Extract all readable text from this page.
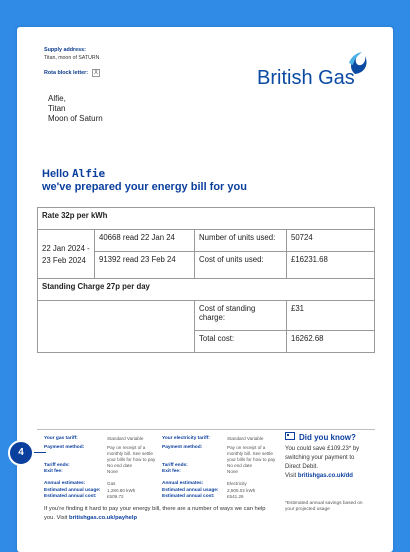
Supply address:
Titan, moon of SATURN
Rota block letter: X	British Gas
Alfie,
Titan
Moon of Saturn
Hello Alfie
we've prepared your energy bill for you
Rate 32p per kWh			

22 Jan 2024 -
23 Feb 2024	40668 read 22 Jan 24	Number of units used:	50724
	91392 read 23 Feb 24	Cost of units used:	£16231.68
Standing Charge 27p per day			
		Cost of standing charge:	£31
		Total cost:	16262.68
Your gas tariff:	Standard Variable
Payment method:	Pay on receipt of a
monthly bill. See settle
your bills for how to pay
Tariff ends:	No end date
Exit fee:	None
Annual estimates:	Gas
Estimated annual usage: 1,280.80 kWh
Estimated annual cost: £509.72
Your electricity tariff:	Standard Variable
Payment method:	Pay on receipt of a
monthly bill. See settle
your bills for how to pay
Tariff ends:	No end date
Exit fee:	None
Annual estimates:	Electricity
Estimated annual usage: 2,505.02 kWh
Estimated annual cost:	£541.26
If you're finding it hard to pay your energy bill, there are a number of ways we can help
you. Visit britishgas.co.uk/payhelp
Did you know?
You could save £109.23* by
switching your payment to
Direct Debit.
Visit britishgas.co.uk/dd
*Estimated annual savings based on
your projected usage
4
